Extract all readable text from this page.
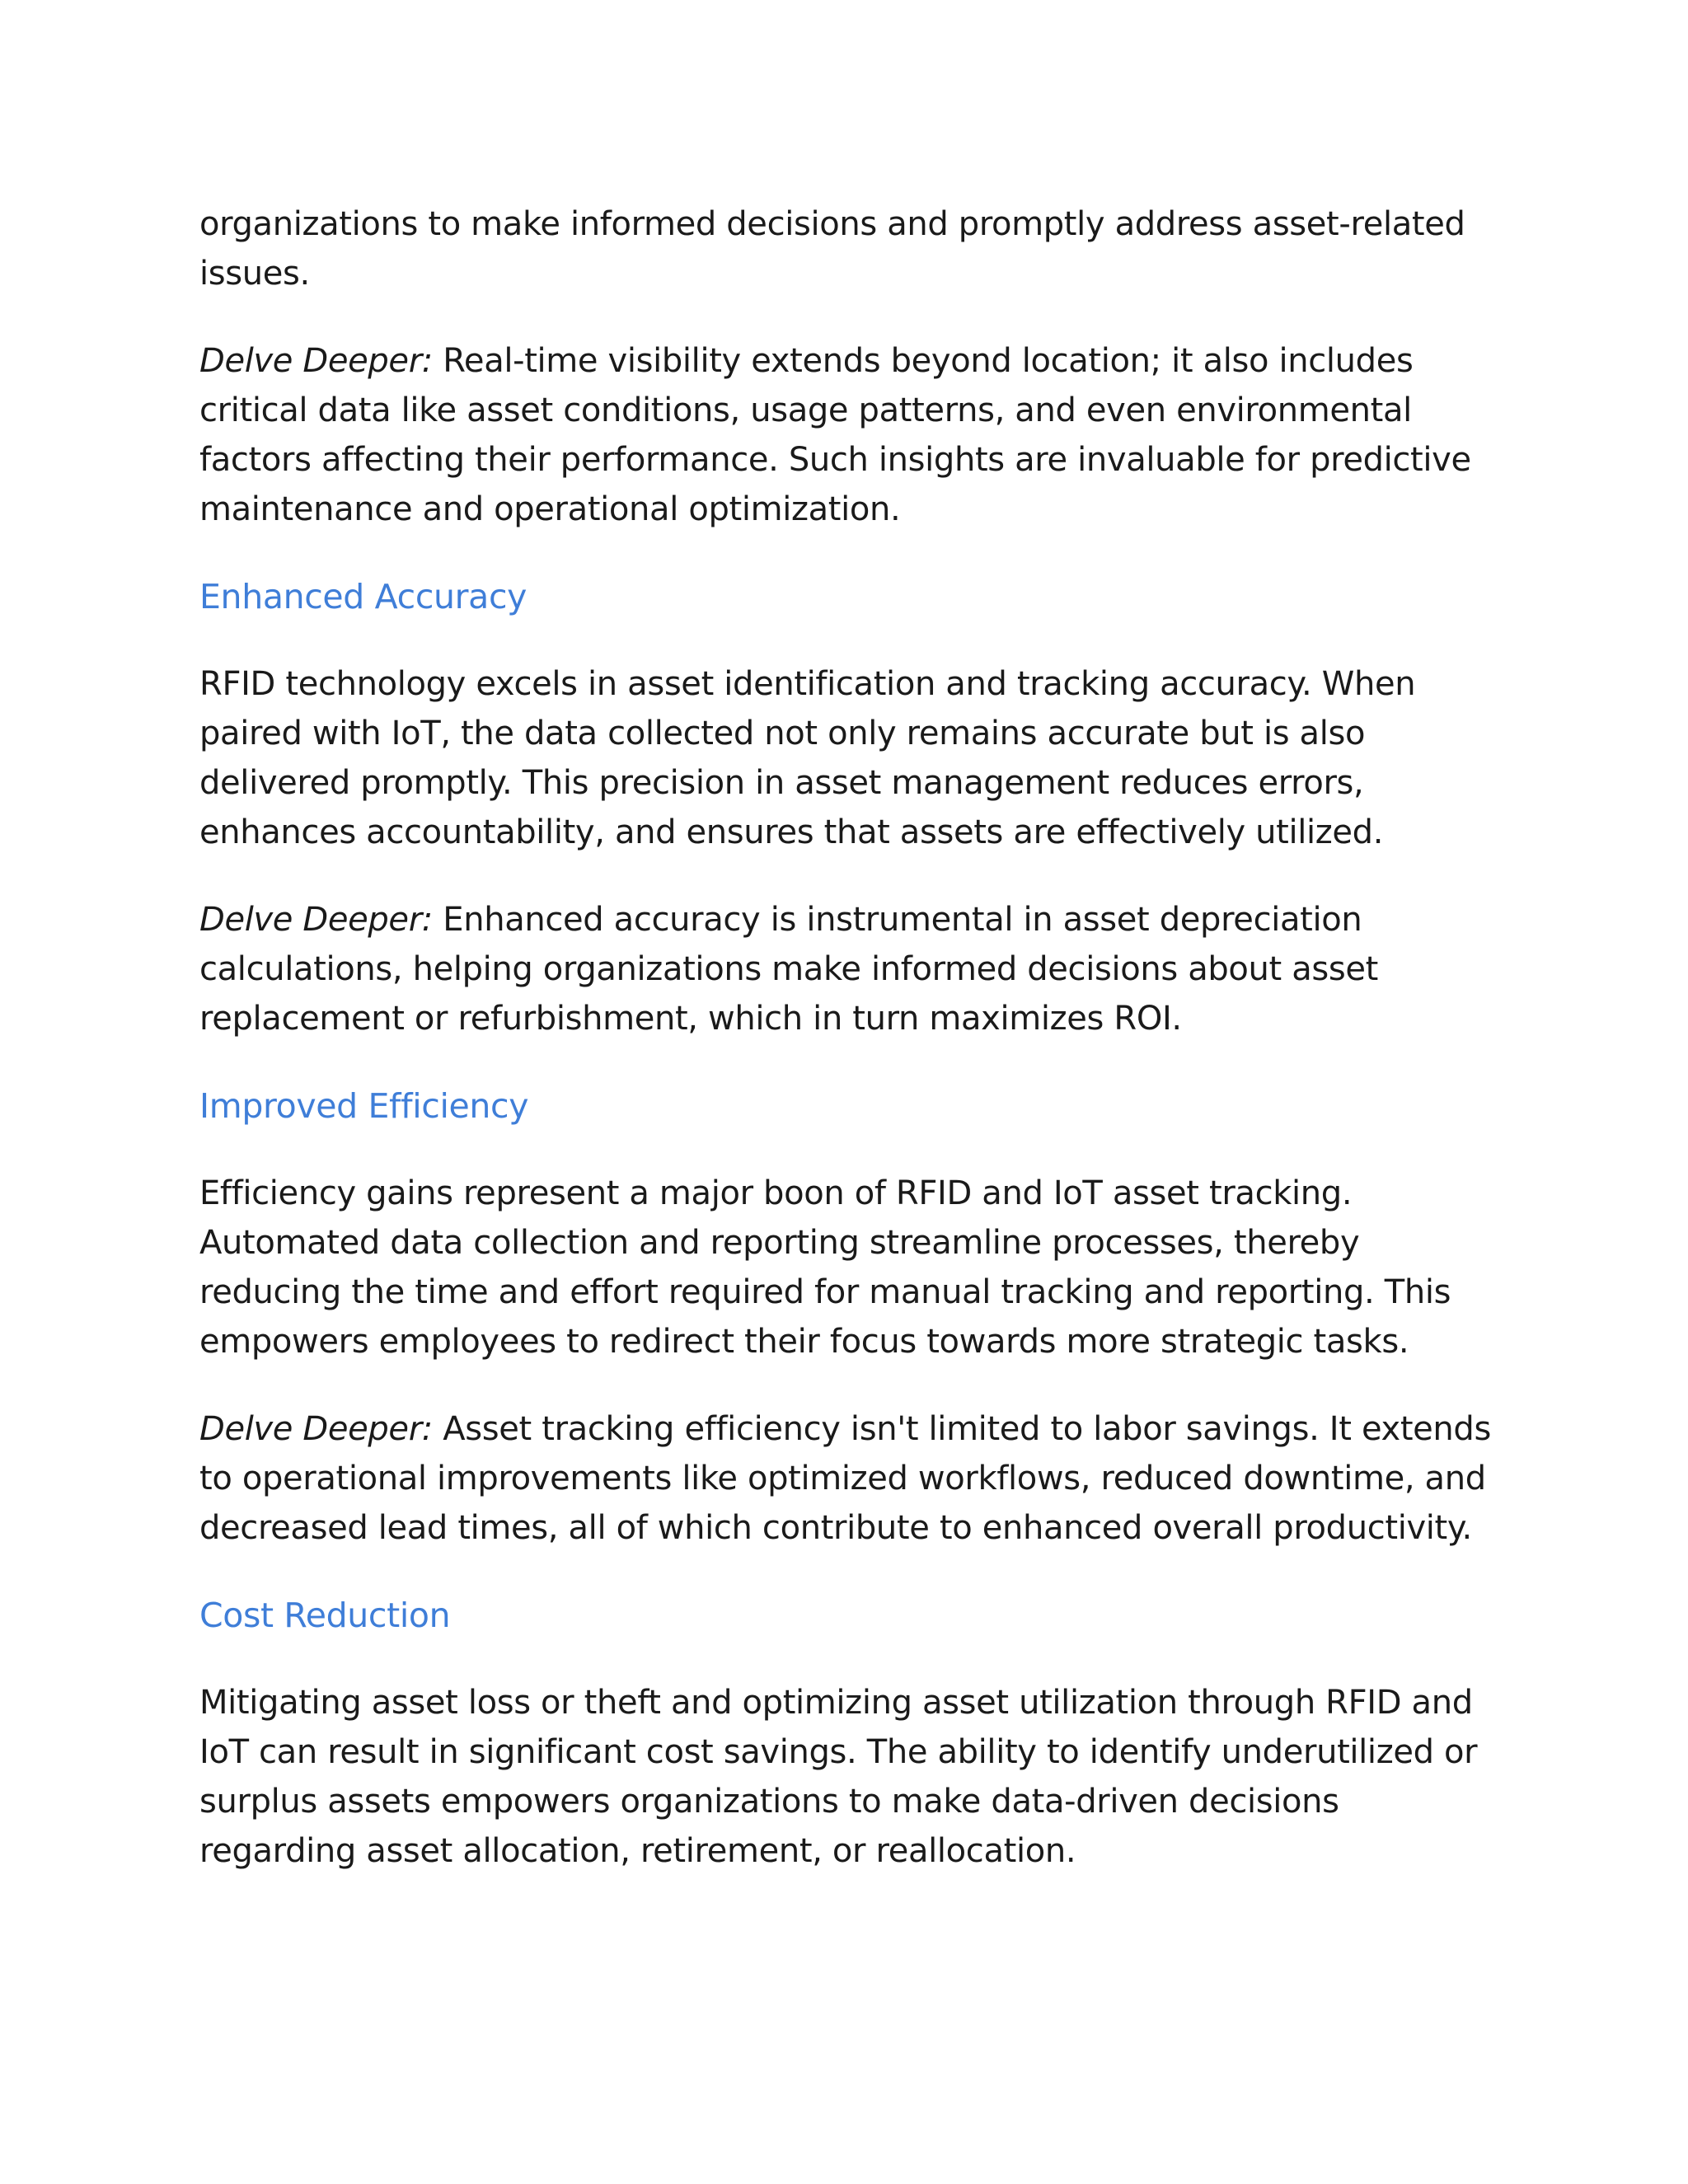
organizations to make informed decisions and promptly address asset-related issues.

Delve Deeper: Real-time visibility extends beyond location; it also includes critical data like asset conditions, usage patterns, and even environmental factors affecting their performance. Such insights are invaluable for predictive maintenance and operational optimization.

Enhanced Accuracy

RFID technology excels in asset identification and tracking accuracy. When paired with IoT, the data collected not only remains accurate but is also delivered promptly. This precision in asset management reduces errors, enhances accountability, and ensures that assets are effectively utilized.

Delve Deeper: Enhanced accuracy is instrumental in asset depreciation calculations, helping organizations make informed decisions about asset replacement or refurbishment, which in turn maximizes ROI.

Improved Efficiency

Efficiency gains represent a major boon of RFID and IoT asset tracking. Automated data collection and reporting streamline processes, thereby reducing the time and effort required for manual tracking and reporting. This empowers employees to redirect their focus towards more strategic tasks.

Delve Deeper: Asset tracking efficiency isn't limited to labor savings. It extends to operational improvements like optimized workflows, reduced downtime, and decreased lead times, all of which contribute to enhanced overall productivity.

Cost Reduction

Mitigating asset loss or theft and optimizing asset utilization through RFID and IoT can result in significant cost savings. The ability to identify underutilized or surplus assets empowers organizations to make data-driven decisions regarding asset allocation, retirement, or reallocation.
